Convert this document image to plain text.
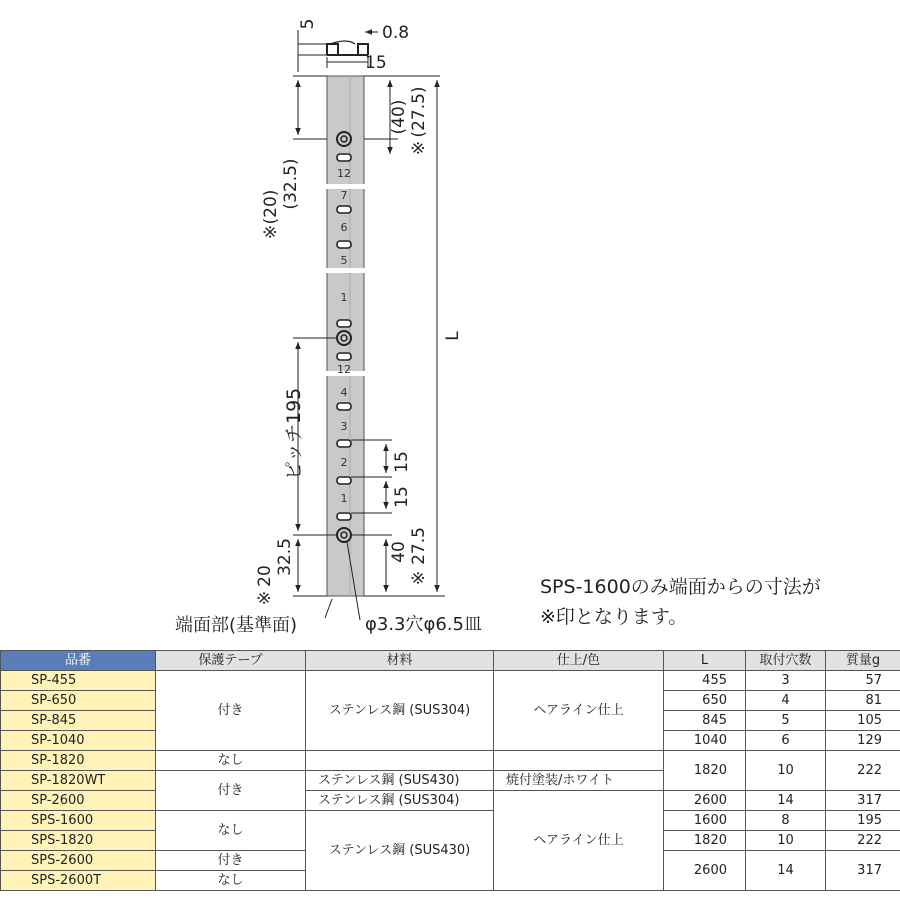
12
7
6
5
1
12
4
3
2
1
0.8
15
5
(40) (27.5)
※
(20)
※
(32.5)
L
ピッチ195	15
15
32.5
20
※
40 27.5
※
端面部(基準面)	φ3.3穴φ6.5皿
SPS-1600のみ端面からの寸法が
※印となります。
品番	保護テープ	材料	仕上/色	L	取付穴数	質量g
SP-455	付き	ステンレス鋼 (SUS304)	ヘアライン仕上	455	3	57
SP-650				650	4	81
SP-845				845	5	105
SP-1040				1040	6	129
SP-1820	なし			1820	10	222
SP-1820WT	付き	ステンレス鋼 (SUS430)	焼付塗装/ホワイト			
SP-2600		ステンレス鋼 (SUS304)	ヘアライン仕上	2600	14	317
SPS-1600	なし	ステンレス鋼 (SUS430)		1600	8	195
SPS-1820				1820	10	222
SPS-2600	付き			2600	14	317
SPS-2600T	なし					
